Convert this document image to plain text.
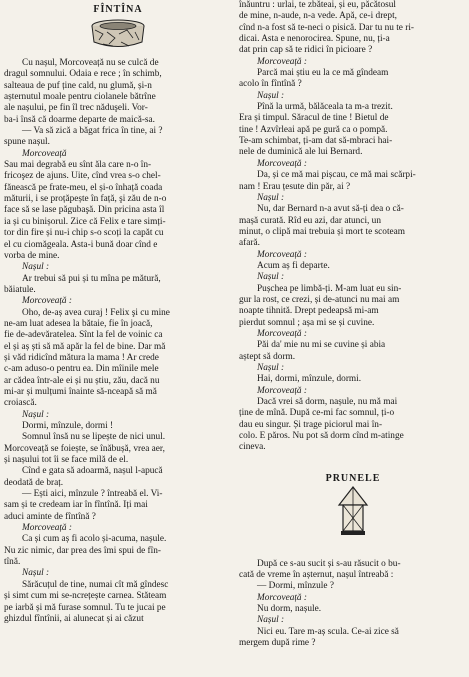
FÎNTÎNA
Cu nașul, Morcoveață nu se culcă de
dragul somnului. Odaia e rece ; în schimb,
salteaua de puf ține cald, nu glumă, și-n
așternutul moale pentru ciolanele bătrîne
ale nașului, pe fin îl trec năduşeli. Vor-
ba-i însă că doarme departe de maică-sa.
— Va să zică a băgat frica în tine, ai ?
spune nașul.
Morcoveață
Sau mai degrabă eu sînt ăla care n-o în-
fricoşez de ajuns. Uite, cînd vrea s-o chel-
fănească pe frate-meu, el și-o înhață coada
măturii, i se proțăpește în față, şi zău de n-o
face să se lase păgubaşă. Din pricina asta îl
ia și cu binișorul. Zice că Felix e tare simți-
tor din fire și nu-i chip s-o scoți la capăt cu
el cu ciomăgeala. Asta-i bună doar cînd e
vorba de mine.
Nașul :
Ar trebui să pui și tu mîna pe mătură,
băiatule.
Morcoveață :
Oho, de-aș avea curaj ! Felix şi cu mine
ne-am luat adesea la bătaie, fie în joacă,
fie de-adevăratelea. Sînt la fel de voinic ca
el și aș ști să mă apăr la fel de bine. Dar mă
și văd ridicînd mătura la mama ! Ar crede
c-am aduso-o pentru ea. Din mîinile mele
ar cădea într-ale ei și nu știu, zău, dacă nu
mi-ar și mulțumi înainte să-nceapă să mă
croiască.
Nașul :
Dormi, mînzule, dormi !
Somnul însă nu se lipește de nici unul.
Morcoveață se foiește, se înăbușă, vrea aer,
și nașului tot îi se face milă de el.
Cînd e gata să adoarmă, nașul l-apucă
deodată de braț.
— Ești aici, mînzule ? întreabă el. Vi-
sam și te credeam iar în fîntînă. Îți mai
aduci aminte de fîntînă ?
Morcoveață :
Ca și cum aș fi acolo și-acuma, nașule.
Nu zic nimic, dar prea des îmi spui de fîn-
tînă.
Nașul :
Sărăcuțul de tine, numai cît mă gîndesc
și simt cum mi se-ncrețește carnea. Stăteam
pe iarbă și mă furase somnul. Tu te jucai pe
ghizdul fîntînii, ai alunecat și ai căzut
înăuntru : urlai, te zbăteai, și eu, păcătosul
de mine, n-aude, n-a vede. Apă, ce-i drept,
cînd n-a fost să te-neci o pisică. Dar tu nu te ri-
dicai. Asta e nenorocirea. Spune, nu, ți-a
dat prin cap să te ridici în picioare ?
Morcoveață :
Parcă mai știu eu la ce mă gîndeam
acolo în fîntînă ?
Nașul :
Pînă la urmă, bălăceala ta m-a trezit.
Era și timpul. Săracul de tine ! Bietul de
tine ! Azvîrleai apă pe gură ca o pompă.
Te-am schimbat, ți-am dat să-mbraci hai-
nele de duminică ale lui Bernard.
Morcoveață :
Da, și ce mă mai pișcau, ce mă mai scărpi-
nam ! Erau țesute din păr, ai ?
Nașul :
Nu, dar Bernard n-a avut să-ți dea o că-
mașă curată. Rîd eu azi, dar atunci, un
minut, o clipă mai trebuia și mort te scoteam
afară.
Morcoveață :
Acum aș fi departe.
Nașul :
Pușchea pe limbă-ți. M-am luat eu sin-
gur la rost, ce crezi, și de-atunci nu mai am
noapte tihnită. Drept pedeapsă mi-am
pierdut somnul ; așa mi se și cuvine.
Morcoveață :
Păi da' mie nu mi se cuvine și abia
aștept să dorm.
Nașul :
Hai, dormi, mînzule, dormi.
Morcoveață :
Dacă vrei să dorm, nașule, nu mă mai
ține de mînă. După ce-mi fac somnul, ți-o
dau eu singur. Și trage piciorul mai în-
colo. E păros. Nu pot să dorm cînd m-atinge
cineva.
PRUNELE
După ce s-au sucit și s-au răsucit o bu-
cată de vreme în așternut, nașul întreabă :
— Dormi, mînzule ?
Morcoveață :
Nu dorm, nașule.
Nașul :
Nici eu. Tare m-aș scula. Ce-ai zice să
mergem după rime ?
